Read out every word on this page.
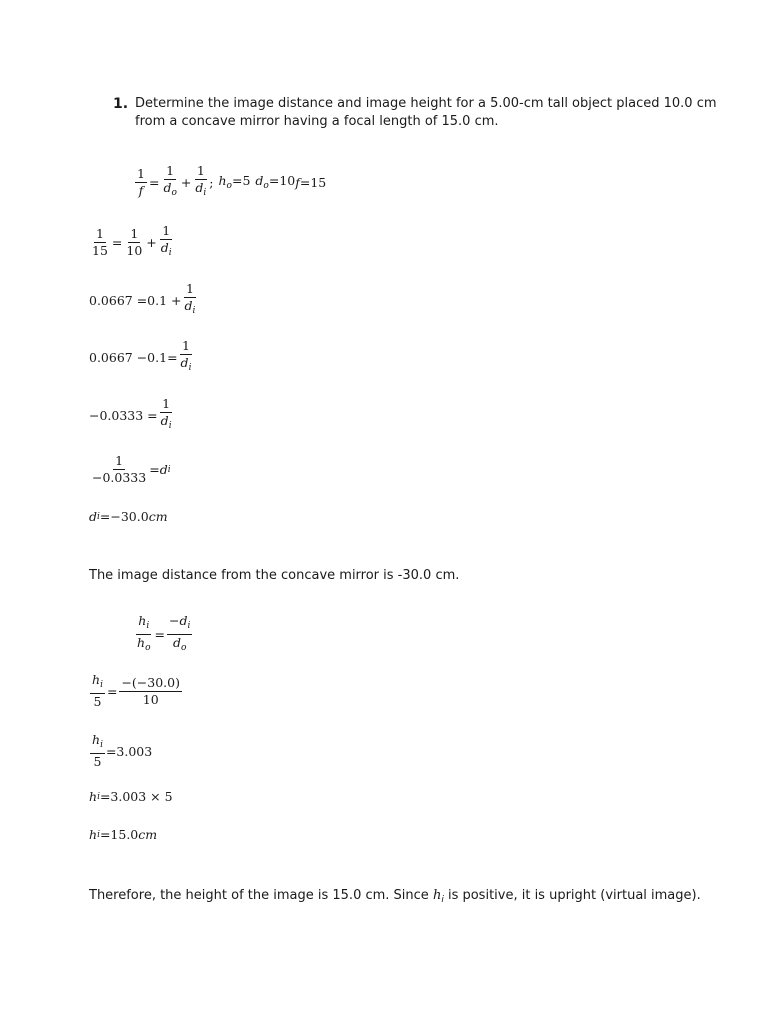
1. Determine the image distance and image height for a 5.00-cm tall object placed 10.0 cm
from a concave mirror having a focal length of 15.0 cm.
$\frac{1}{f} = \frac{1}{d_o} + \frac{1}{d_i}$ ; $h_o=5$ $d_o=10$ f=15
$\frac{1}{15} = \frac{1}{10} + \frac{1}{d_i}$
$0.0667 =0.1 + \frac{1}{d_i}$
$0.0667 -0.1= \frac{1}{d_i}$
$-0.0333 = \frac{1}{d_i}$
$\frac{1}{-0.0333} = d$ i
d i =−30.0 cm
The image distance from the concave mirror is -30.0 cm.
$\frac{h_i}{h_o} = \frac{-d_i}{d_o}$
$\frac{h_i}{5} = \frac{-(-30.0)}{10}$
$\frac{h_i}{5} =3.003$
h i =3.003 × 5
h i =15.0 cm
Therefore, the height of the image is 15.0 cm. Since $h_i$ is positive, it is upright (virtual image).
